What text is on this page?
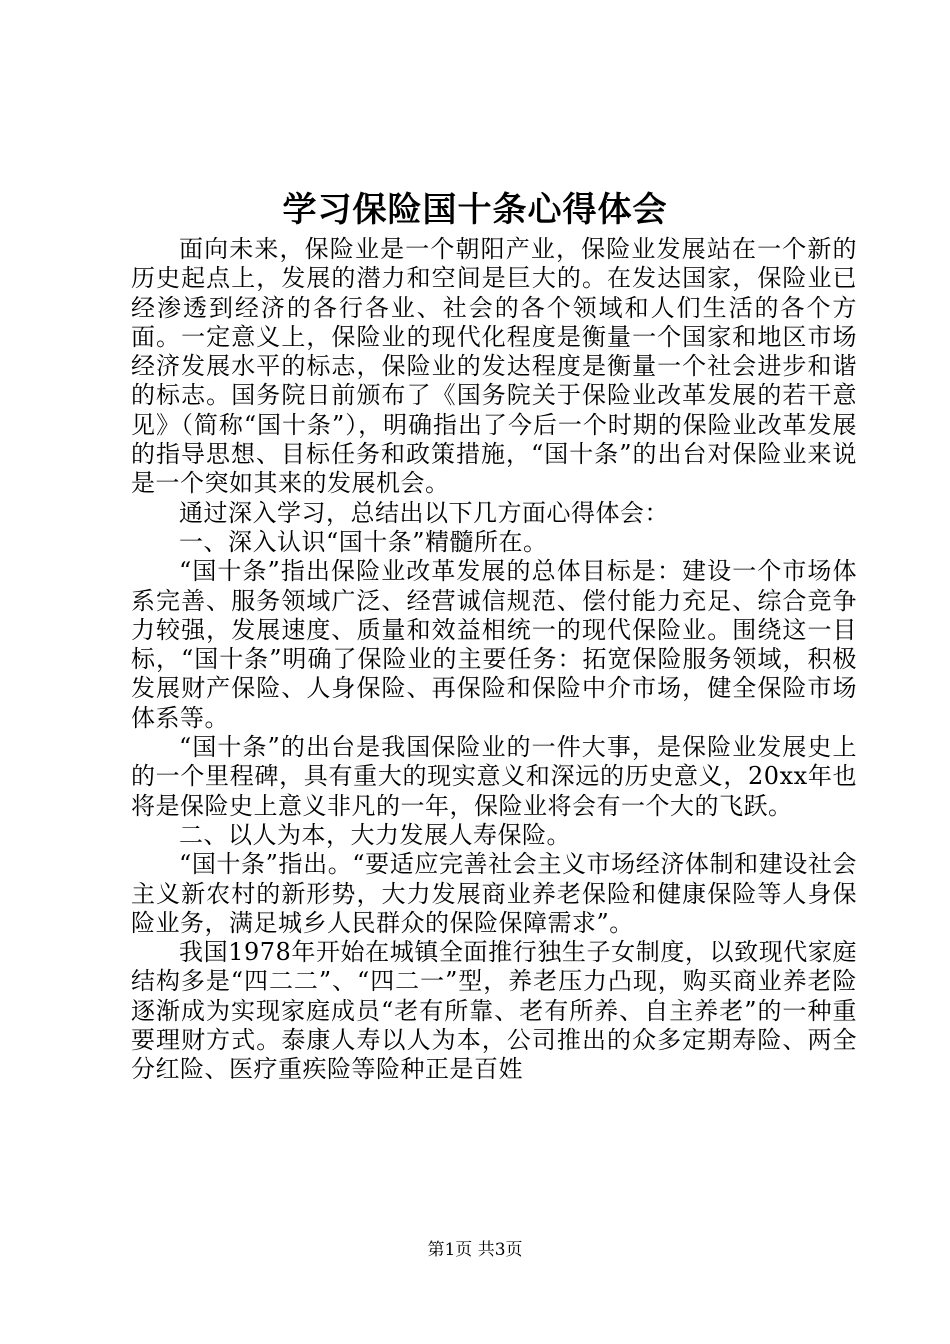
学习保险国十条心得体会

面向未来，保险业是一个朝阳产业，保险业发展站在一个新的历史起点上，发展的潜力和空间是巨大的。在发达国家，保险业已经渗透到经济的各行各业、社会的各个领域和人们生活的各个方面。一定意义上，保险业的现代化程度是衡量一个国家和地区市场经济发展水平的标志，保险业的发达程度是衡量一个社会进步和谐的标志。国务院日前颁布了《国务院关于保险业改革发展的若干意见》（简称“国十条”），明确指出了今后一个时期的保险业改革发展的指导思想、目标任务和政策措施，“国十条”的出台对保险业来说是一个突如其来的发展机会。

通过深入学习，总结出以下几方面心得体会：

一、深入认识“国十条”精髓所在。

“国十条”指出保险业改革发展的总体目标是：建设一个市场体系完善、服务领域广泛、经营诚信规范、偿付能力充足、综合竞争力较强，发展速度、质量和效益相统一的现代保险业。围绕这一目标，“国十条”明确了保险业的主要任务：拓宽保险服务领域，积极发展财产保险、人身保险、再保险和保险中介市场，健全保险市场体系等。

“国十条”的出台是我国保险业的一件大事，是保险业发展史上的一个里程碑，具有重大的现实意义和深远的历史意义，20xx年也将是保险史上意义非凡的一年，保险业将会有一个大的飞跃。

二、以人为本，大力发展人寿保险。

“国十条”指出。“要适应完善社会主义市场经济体制和建设社会主义新农村的新形势，大力发展商业养老保险和健康保险等人身保险业务，满足城乡人民群众的保险保障需求”。

我国1978年开始在城镇全面推行独生子女制度，以致现代家庭结构多是“四二二”、“四二一”型，养老压力凸现，购买商业养老险逐渐成为实现家庭成员“老有所靠、老有所养、自主养老”的一种重要理财方式。泰康人寿以人为本，公司推出的众多定期寿险、两全分红险、医疗重疾险等险种正是百姓

第1页 共3页
